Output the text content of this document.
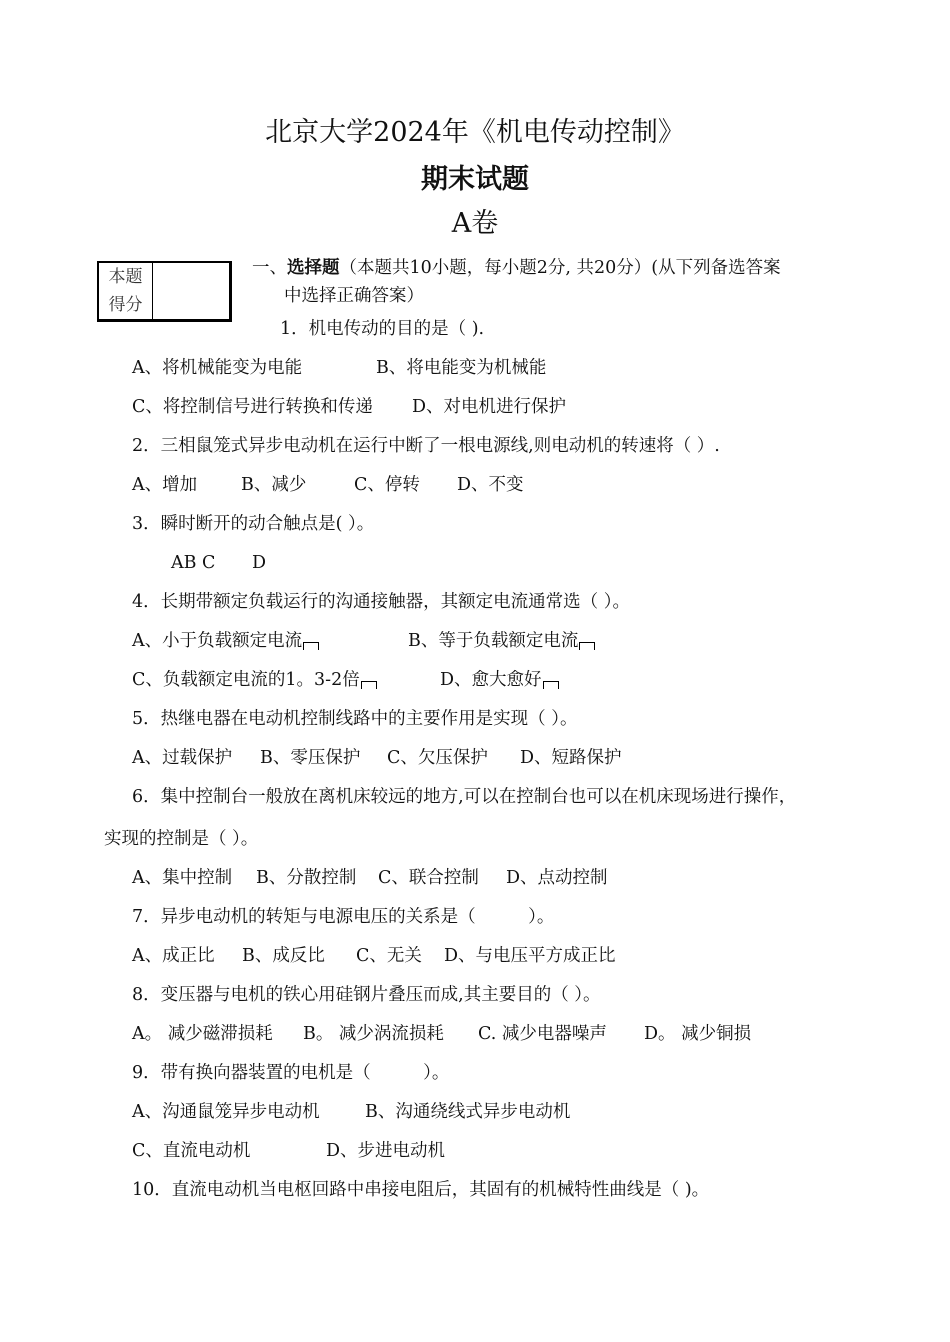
北京大学2024年《机电传动控制》
期末试题
A卷
本题
得分
一、选择题（本题共10小题，每小题2分, 共20分）(从下列备选答案
中选择正确答案）
1．机电传动的目的是（ ).
A、将机械能变为电能	B、将电能变为机械能
C、将控制信号进行转换和传递 D、对电机进行保护
2．三相鼠笼式异步电动机在运行中断了一根电源线,则电动机的转速将（ ）.
A、增加	B、减少	C、停转 D、不变
3．瞬时断开的动合触点是( ）。
AB C D
4．长期带额定负载运行的沟通接触器，其额定电流通常选（ ）。
A、小于负载额定电流	B、等于负载额定电流
C、负载额定电流的1。3-2倍	D、愈大愈好
5．热继电器在电动机控制线路中的主要作用是实现（ ）。
A、过载保护 B、零压保护 C、欠压保护 D、短路保护
6．集中控制台一般放在离机床较远的地方,可以在控制台也可以在机床现场进行操作，
实现的控制是（ ）。
A、集中控制 B、分散控制 C、联合控制 D、点动控制
7．异步电动机的转矩与电源电压的关系是（　　　）。
A、成正比 B、成反比 C、无关 D、与电压平方成正比
8．变压器与电机的铁心用硅钢片叠压而成,其主要目的（ ）。
A。 减少磁滞损耗 B。 减少涡流损耗 C. 减少电器噪声 D。 减少铜损
9．带有换向器装置的电机是（　　　）。
A、沟通鼠笼异步电动机	B、沟通绕线式异步电动机
C、直流电动机	D、步进电动机
10．直流电动机当电枢回路中串接电阻后，其固有的机械特性曲线是（ )。
